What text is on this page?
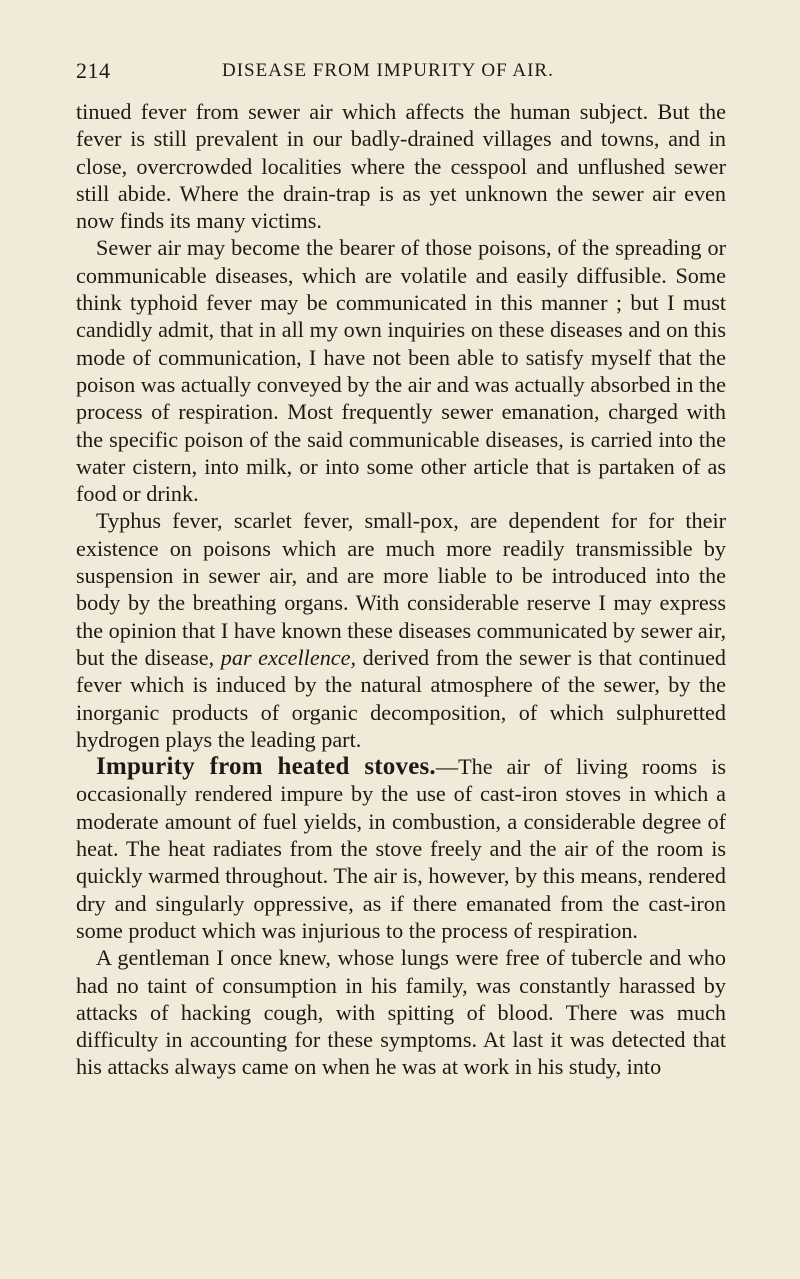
214	DISEASE FROM IMPURITY OF AIR.

tinued fever from sewer air which affects the human subject. But the fever is still prevalent in our badly-drained villages and towns, and in close, overcrowded localities where the cesspool and unflushed sewer still abide. Where the drain-trap is as yet unknown the sewer air even now finds its many victims.

Sewer air may become the bearer of those poisons, of the spreading or communicable diseases, which are volatile and easily diffusible. Some think typhoid fever may be communicated in this manner ; but I must candidly admit, that in all my own inquiries on these diseases and on this mode of communication, I have not been able to satisfy myself that the poison was actually conveyed by the air and was actually absorbed in the process of respiration. Most frequently sewer emanation, charged with the specific poison of the said communicable diseases, is carried into the water cistern, into milk, or into some other article that is partaken of as food or drink.

Typhus fever, scarlet fever, small-pox, are dependent for for their existence on poisons which are much more readily transmissible by suspension in sewer air, and are more liable to be introduced into the body by the breathing organs. With considerable reserve I may express the opinion that I have known these diseases communicated by sewer air, but the disease, par excellence, derived from the sewer is that continued fever which is induced by the natural atmosphere of the sewer, by the inorganic products of organic decomposition, of which sulphuretted hydrogen plays the leading part.

Impurity from heated stoves.—The air of living rooms is occasionally rendered impure by the use of cast-iron stoves in which a moderate amount of fuel yields, in combustion, a considerable degree of heat. The heat radiates from the stove freely and the air of the room is quickly warmed throughout. The air is, however, by this means, rendered dry and singularly oppressive, as if there emanated from the cast-iron some product which was injurious to the process of respiration.

A gentleman I once knew, whose lungs were free of tubercle and who had no taint of consumption in his family, was constantly harassed by attacks of hacking cough, with spitting of blood. There was much difficulty in accounting for these symptoms. At last it was detected that his attacks always came on when he was at work in his study, into
